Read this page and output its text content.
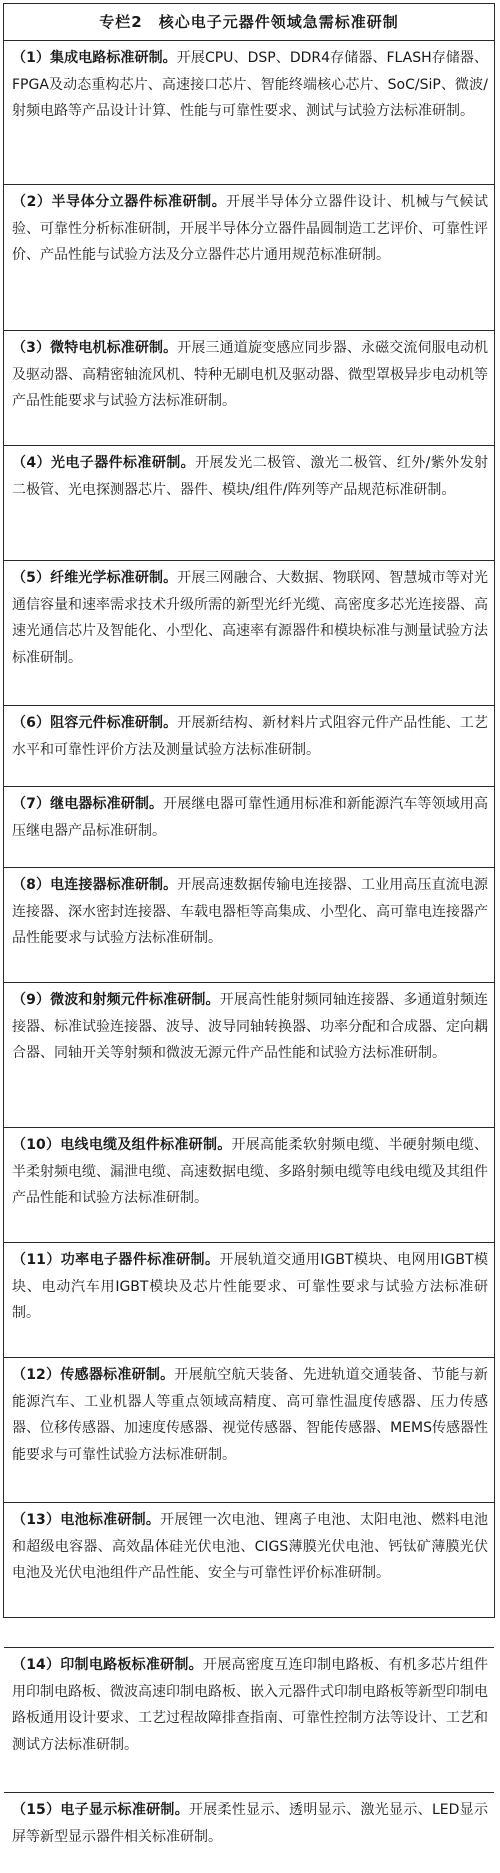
专栏2　核心电子元器件领域急需标准研制
（1）集成电路标准研制。开展CPU、DSP、DDR4存储器、FLASH存储器、FPGA及动态重构芯片、高速接口芯片、智能终端核心芯片、SoC/SiP、微波/射频电路等产品设计计算、性能与可靠性要求、测试与试验方法标准研制。
（2）半导体分立器件标准研制。开展半导体分立器件设计、机械与气候试验、可靠性分析标准研制，开展半导体分立器件晶圆制造工艺评价、可靠性评价、产品性能与试验方法及分立器件芯片通用规范标准研制。
（3）微特电机标准研制。开展三通道旋变感应同步器、永磁交流伺服电动机及驱动器、高精密轴流风机、特种无刷电机及驱动器、微型罩极异步电动机等产品性能要求与试验方法标准研制。
（4）光电子器件标准研制。开展发光二极管、激光二极管、红外/紫外发射二极管、光电探测器芯片、器件、模块/组件/阵列等产品规范标准研制。
（5）纤维光学标准研制。开展三网融合、大数据、物联网、智慧城市等对光通信容量和速率需求技术升级所需的新型光纤光缆、高密度多芯光连接器、高速光通信芯片及智能化、小型化、高速率有源器件和模块标准与测量试验方法标准研制。
（6）阻容元件标准研制。开展新结构、新材料片式阻容元件产品性能、工艺水平和可靠性评价方法及测量试验方法标准研制。
（7）继电器标准研制。开展继电器可靠性通用标准和新能源汽车等领域用高压继电器产品标准研制。
（8）电连接器标准研制。开展高速数据传输电连接器、工业用高压直流电源连接器、深水密封连接器、车载电器柜等高集成、小型化、高可靠电连接器产品性能要求与试验方法标准研制。
（9）微波和射频元件标准研制。开展高性能射频同轴连接器、多通道射频连接器、标准试验连接器、波导、波导同轴转换器、功率分配和合成器、定向耦合器、同轴开关等射频和微波无源元件产品性能和试验方法标准研制。
（10）电线电缆及组件标准研制。开展高能柔软射频电缆、半硬射频电缆、半柔射频电缆、漏泄电缆、高速数据电缆、多路射频电缆等电线电缆及其组件产品性能和试验方法标准研制。
（11）功率电子器件标准研制。开展轨道交通用IGBT模块、电网用IGBT模块、电动汽车用IGBT模块及芯片性能要求、可靠性要求与试验方法标准研制。
（12）传感器标准研制。开展航空航天装备、先进轨道交通装备、节能与新能源汽车、工业机器人等重点领域高精度、高可靠性温度传感器、压力传感器、位移传感器、加速度传感器、视觉传感器、智能传感器、MEMS传感器性能要求与可靠性试验方法标准研制。
（13）电池标准研制。开展锂一次电池、锂离子电池、太阳电池、燃料电池和超级电容器、高效晶体硅光伏电池、CIGS薄膜光伏电池、钙钛矿薄膜光伏电池及光伏电池组件产品性能、安全与可靠性评价标准研制。
（14）印制电路板标准研制。开展高密度互连印制电路板、有机多芯片组件用印制电路板、微波高速印制电路板、嵌入元器件式印制电路板等新型印制电路板通用设计要求、工艺过程故障排查指南、可靠性控制方法等设计、工艺和测试方法标准研制。
（15）电子显示标准研制。开展柔性显示、透明显示、激光显示、LED显示屏等新型显示器件相关标准研制。
